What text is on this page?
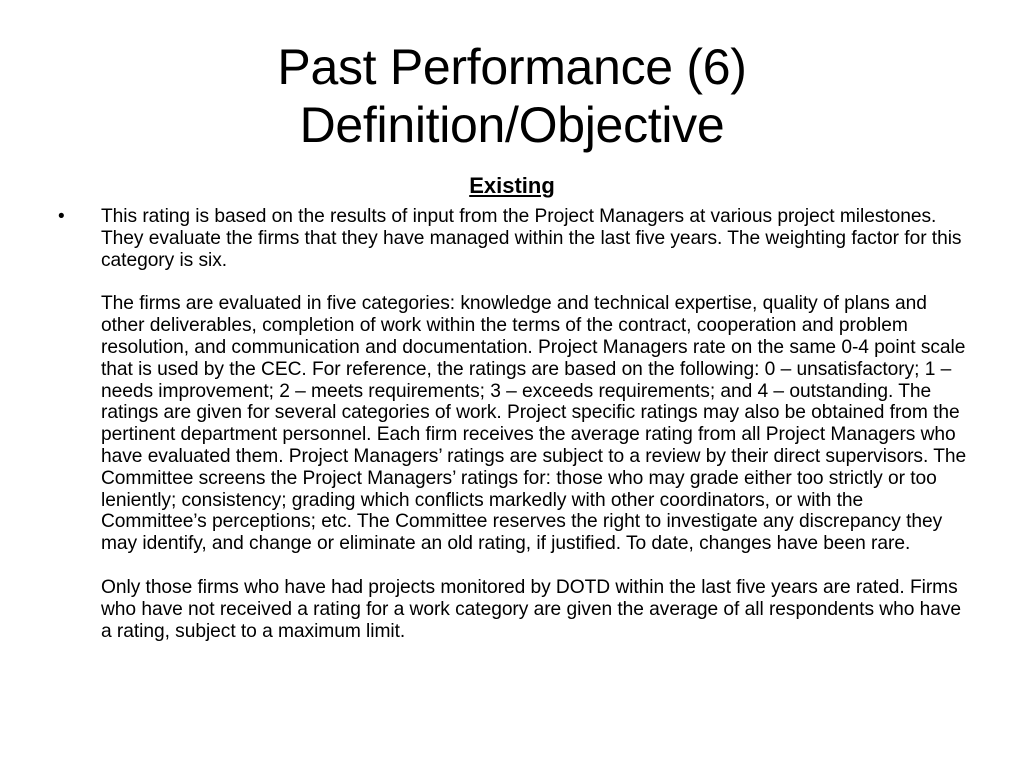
Past Performance (6)
Definition/Objective
Existing
• This rating is based on the results of input from the Project Managers at various project milestones. They evaluate the firms that they have managed within the last five years. The weighting factor for this category is six.

The firms are evaluated in five categories: knowledge and technical expertise, quality of plans and other deliverables, completion of work within the terms of the contract, cooperation and problem resolution, and communication and documentation. Project Managers rate on the same 0-4 point scale that is used by the CEC. For reference, the ratings are based on the following: 0 – unsatisfactory; 1 – needs improvement; 2 – meets requirements; 3 – exceeds requirements; and 4 – outstanding. The ratings are given for several categories of work. Project specific ratings may also be obtained from the pertinent department personnel. Each firm receives the average rating from all Project Managers who have evaluated them. Project Managers’ ratings are subject to a review by their direct supervisors. The Committee screens the Project Managers’ ratings for: those who may grade either too strictly or too leniently; consistency; grading which conflicts markedly with other coordinators, or with the Committee’s perceptions; etc. The Committee reserves the right to investigate any discrepancy they may identify, and change or eliminate an old rating, if justified. To date, changes have been rare.

Only those firms who have had projects monitored by DOTD within the last five years are rated. Firms who have not received a rating for a work category are given the average of all respondents who have a rating, subject to a maximum limit.
